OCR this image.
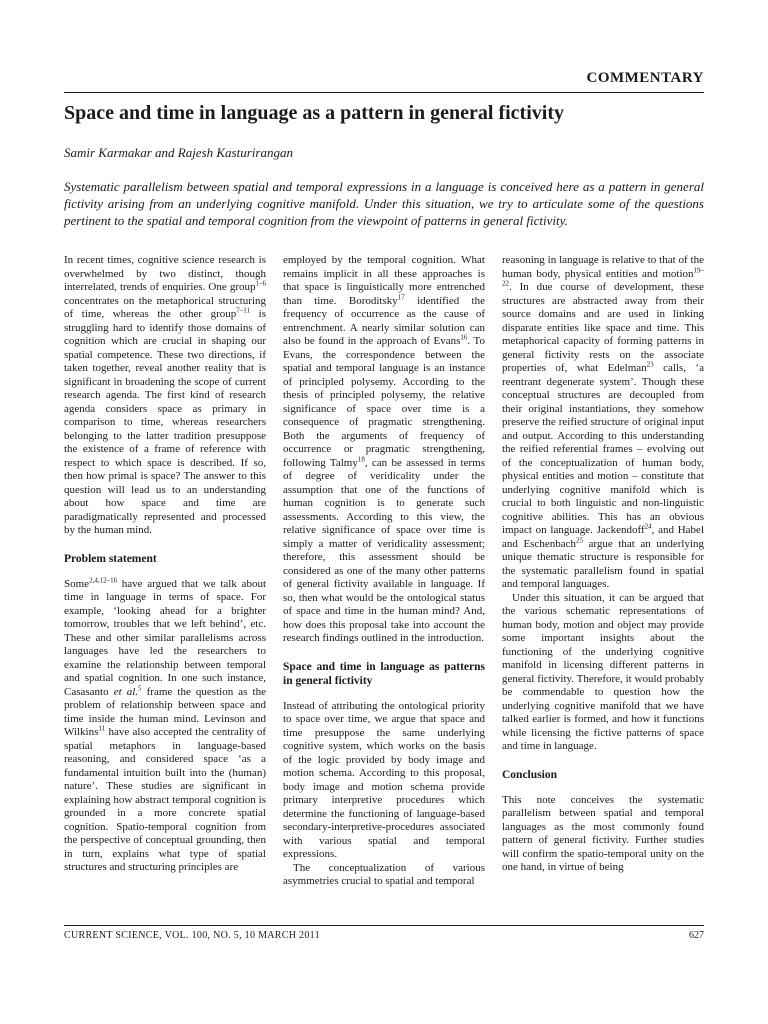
COMMENTARY
Space and time in language as a pattern in general fictivity
Samir Karmakar and Rajesh Kasturirangan

Systematic parallelism between spatial and temporal expressions in a language is conceived here as a pattern in general fictivity arising from an underlying cognitive manifold. Under this situation, we try to articulate some of the questions pertinent to the spatial and temporal cognition from the viewpoint of patterns in general fictivity.

In recent times, cognitive science research is overwhelmed by two distinct, though interrelated, trends of enquiries. One group$^{1-6}$ concentrates on the metaphorical structuring of time, whereas the other group$^{7-11}$ is struggling hard to identify those domains of cognition which are crucial in shaping our spatial competence. These two directions, if taken together, reveal another reality that is significant in broadening the scope of current research agenda. The first kind of research agenda considers space as primary in comparison to time, whereas researchers belonging to the latter tradition presuppose the existence of a frame of reference with respect to which space is described. If so, then how primal is space? The answer to this question will lead us to an understanding about how space and time are paradigmatically represented and processed by the human mind.

Problem statement

Some$^{2,4,12-16}$ have argued that we talk about time in language in terms of space. For example, ‘looking ahead for a brighter tomorrow, troubles that we left behind’, etc. These and other similar parallelisms across languages have led the researchers to examine the relationship between temporal and spatial cognition. In one such instance, Casasanto et al.$^5$ frame the question as the problem of relationship between space and time inside the human mind. Levinson and Wilkins$^{11}$ have also accepted the centrality of spatial metaphors in language-based reasoning, and considered space ‘as a fundamental intuition built into the (human) nature’. These studies are significant in explaining how abstract temporal cognition is grounded in a more concrete spatial cognition. Spatio-temporal cognition from the perspective of conceptual grounding, then in turn, explains what type of spatial structures and structuring principles are

employed by the temporal cognition. What remains implicit in all these approaches is that space is linguistically more entrenched than time. Boroditsky$^{17}$ identified the frequency of occurrence as the cause of entrenchment. A nearly similar solution can also be found in the approach of Evans$^{16}$. To Evans, the correspondence between the spatial and temporal language is an instance of principled polysemy. According to the thesis of principled polysemy, the relative significance of space over time is a consequence of pragmatic strengthening. Both the arguments of frequency of occurrence or pragmatic strengthening, following Talmy$^{18}$, can be assessed in terms of degree of veridicality under the assumption that one of the functions of human cognition is to generate such assessments. According to this view, the relative significance of space over time is simply a matter of veridicality assessment; therefore, this assessment should be considered as one of the many other patterns of general fictivity available in language. If so, then what would be the ontological status of space and time in the human mind? And, how does this proposal take into account the research findings outlined in the introduction.

Space and time in language as patterns in general fictivity

Instead of attributing the ontological priority to space over time, we argue that space and time presuppose the same underlying cognitive system, which works on the basis of the logic provided by body image and motion schema. According to this proposal, body image and motion schema provide primary interpretive procedures which determine the functioning of language-based secondary-interpretive-procedures associated with various spatial and temporal expressions.

The conceptualization of various asymmetries crucial to spatial and temporal

reasoning in language is relative to that of the human body, physical entities and motion$^{19-22}$. In due course of development, these structures are abstracted away from their source domains and are used in linking disparate entities like space and time. This metaphorical capacity of forming patterns in general fictivity rests on the associate properties of, what Edelman$^{23}$ calls, ‘a reentrant degenerate system’. Though these conceptual structures are decoupled from their original instantiations, they somehow preserve the reified structure of original input and output. According to this understanding the reified referential frames – evolving out of the conceptualization of human body, physical entities and motion – constitute that underlying cognitive manifold which is crucial to both linguistic and non-linguistic cognitive abilities. This has an obvious impact on language. Jackendoff$^{24}$, and Habel and Eschenbach$^{25}$ argue that an underlying unique thematic structure is responsible for the systematic parallelism found in spatial and temporal languages.

Under this situation, it can be argued that the various schematic representations of human body, motion and object may provide some important insights about the functioning of the underlying cognitive manifold in licensing different patterns in general fictivity. Therefore, it would probably be commendable to question how the underlying cognitive manifold that we have talked earlier is formed, and how it functions while licensing the fictive patterns of space and time in language.

Conclusion

This note conceives the systematic parallelism between spatial and temporal languages as the most commonly found pattern of general fictivity. Further studies will confirm the spatio-temporal unity on the one hand, in virtue of being

CURRENT SCIENCE, VOL. 100, NO. 5, 10 MARCH 2011	627
